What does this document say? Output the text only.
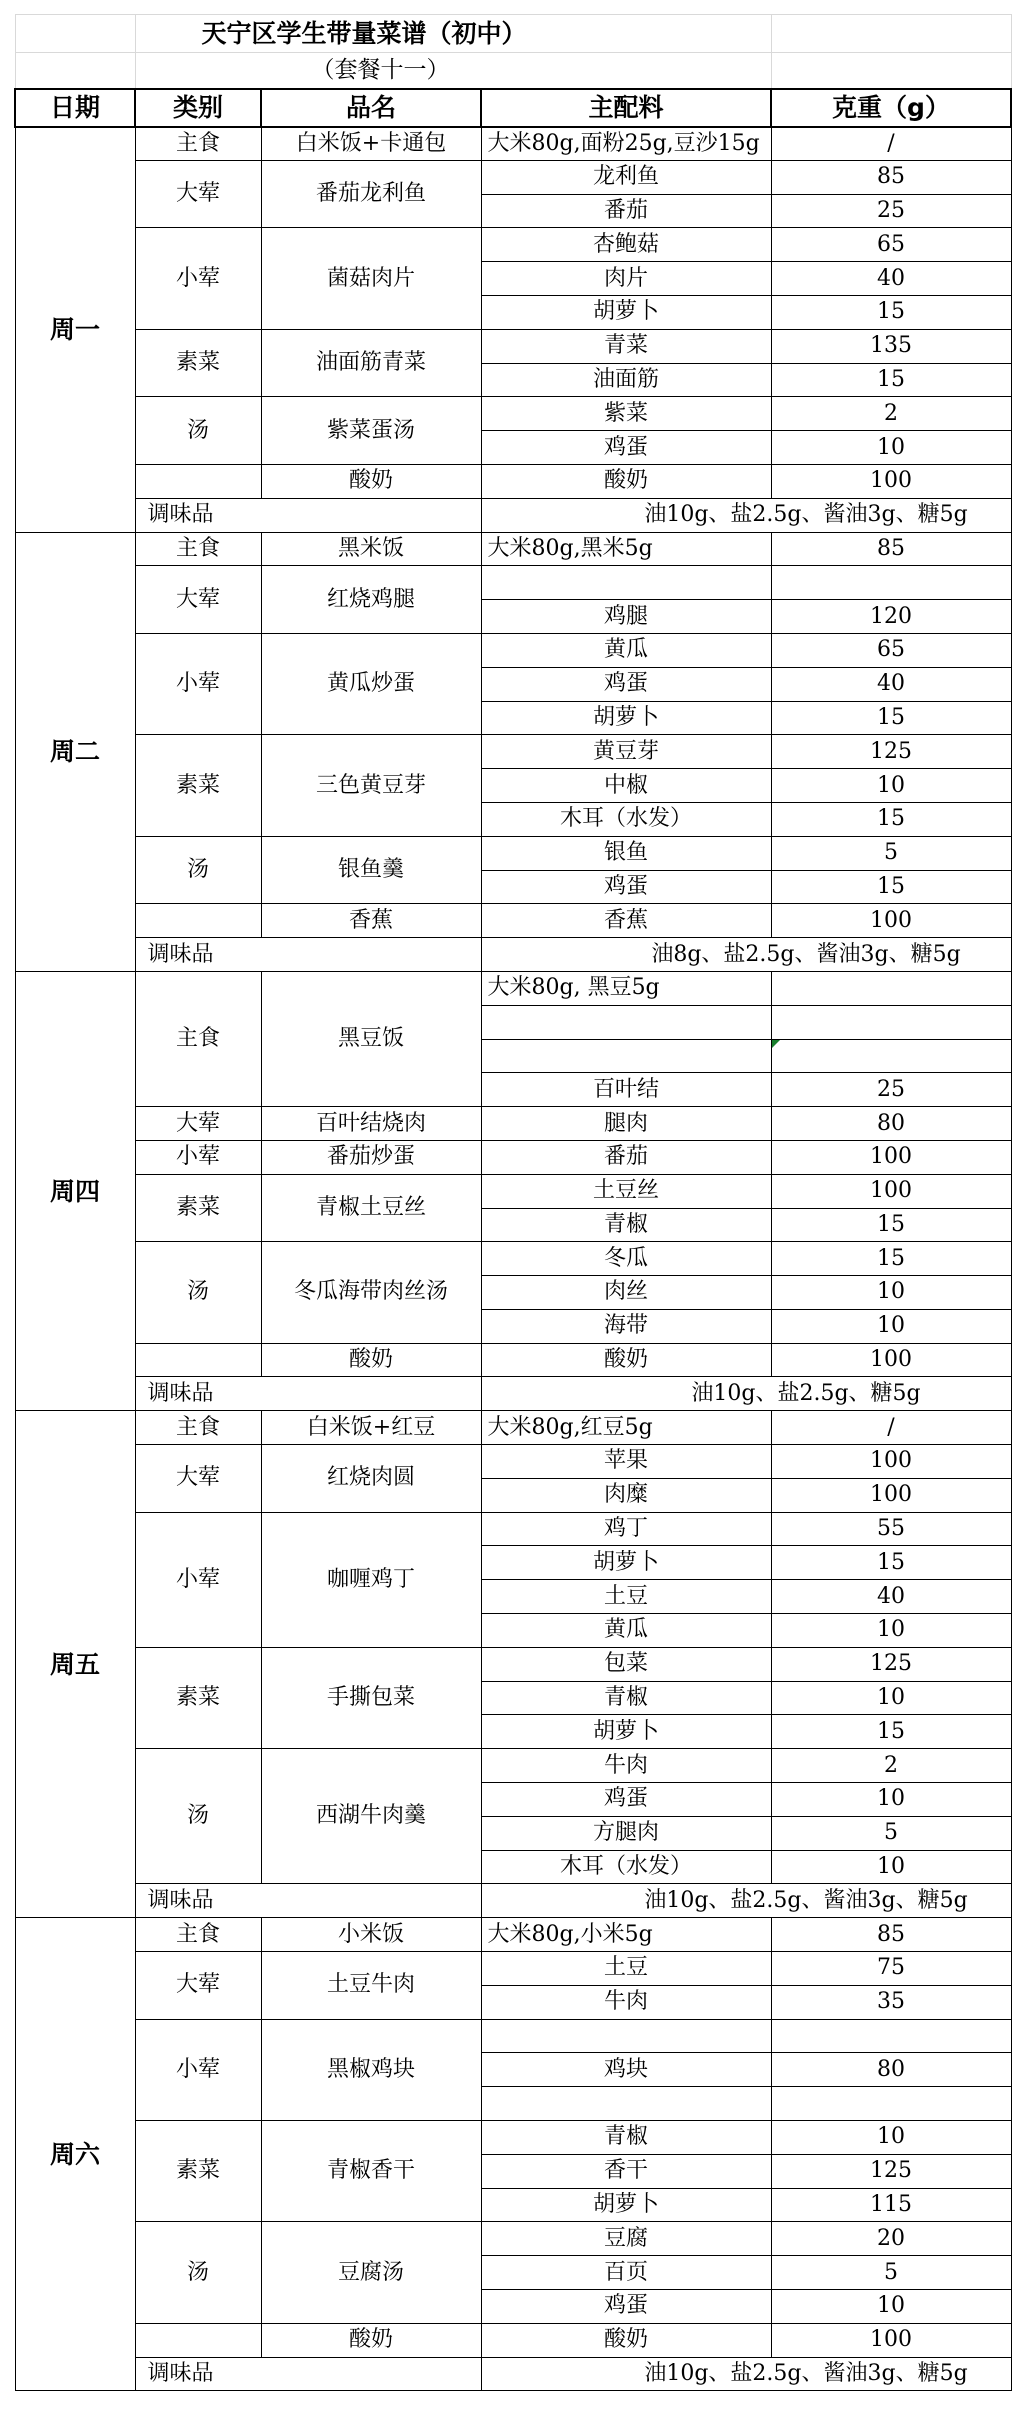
	天宁区学生带量菜谱（初中）			
	（套餐十一）			
日期	类别	品名	主配料	克重（g）
周一	主食	白米饭+卡通包	大米80g,面粉25g,豆沙15g	/
	大荤	番茄龙利鱼	龙利鱼	85
			番茄	25
	小荤	菌菇肉片	杏鲍菇	65
			肉片	40
			胡萝卜	15
	素菜	油面筋青菜	青菜	135
			油面筋	15
	汤	紫菜蛋汤	紫菜	2
			鸡蛋	10
		酸奶	酸奶	100
	调味品		油10g、盐2.5g、酱油3g、糖5g	
周二	主食	黑米饭	大米80g,黑米5g	85
	大荤	红烧鸡腿		
			鸡腿	120
	小荤	黄瓜炒蛋	黄瓜	65
			鸡蛋	40
			胡萝卜	15
	素菜	三色黄豆芽	黄豆芽	125
			中椒	10
			木耳（水发）	15
	汤	银鱼羹	银鱼	5
			鸡蛋	15
		香蕉	香蕉	100
	调味品		油8g、盐2.5g、酱油3g、糖5g	
周四	主食	黑豆饭	大米80g, 黑豆5g	

			百叶结	25
	大荤	百叶结烧肉	腿肉	80
	小荤	番茄炒蛋	番茄	100
	素菜	青椒土豆丝	土豆丝	100
			青椒	15
	汤	冬瓜海带肉丝汤	冬瓜	15
			肉丝	10
			海带	10
		酸奶	酸奶	100
	调味品		油10g、盐2.5g、糖5g	
周五	主食	白米饭+红豆	大米80g,红豆5g	/
	大荤	红烧肉圆	苹果	100
			肉糜	100
	小荤	咖喱鸡丁	鸡丁	55
			胡萝卜	15
			土豆	40
			黄瓜	10
	素菜	手撕包菜	包菜	125
			青椒	10
			胡萝卜	15
	汤	西湖牛肉羹	牛肉	2
			鸡蛋	10
			方腿肉	5
			木耳（水发）	10
	调味品		油10g、盐2.5g、酱油3g、糖5g	
周六	主食	小米饭	大米80g,小米5g	85
	大荤	土豆牛肉	土豆	75
			牛肉	35
	小荤	黑椒鸡块		
			鸡块	80

	素菜	青椒香干	青椒	10
			香干	125
			胡萝卜	115
	汤	豆腐汤	豆腐	20
			百页	5
			鸡蛋	10
		酸奶	酸奶	100
	调味品		油10g、盐2.5g、酱油3g、糖5g	
